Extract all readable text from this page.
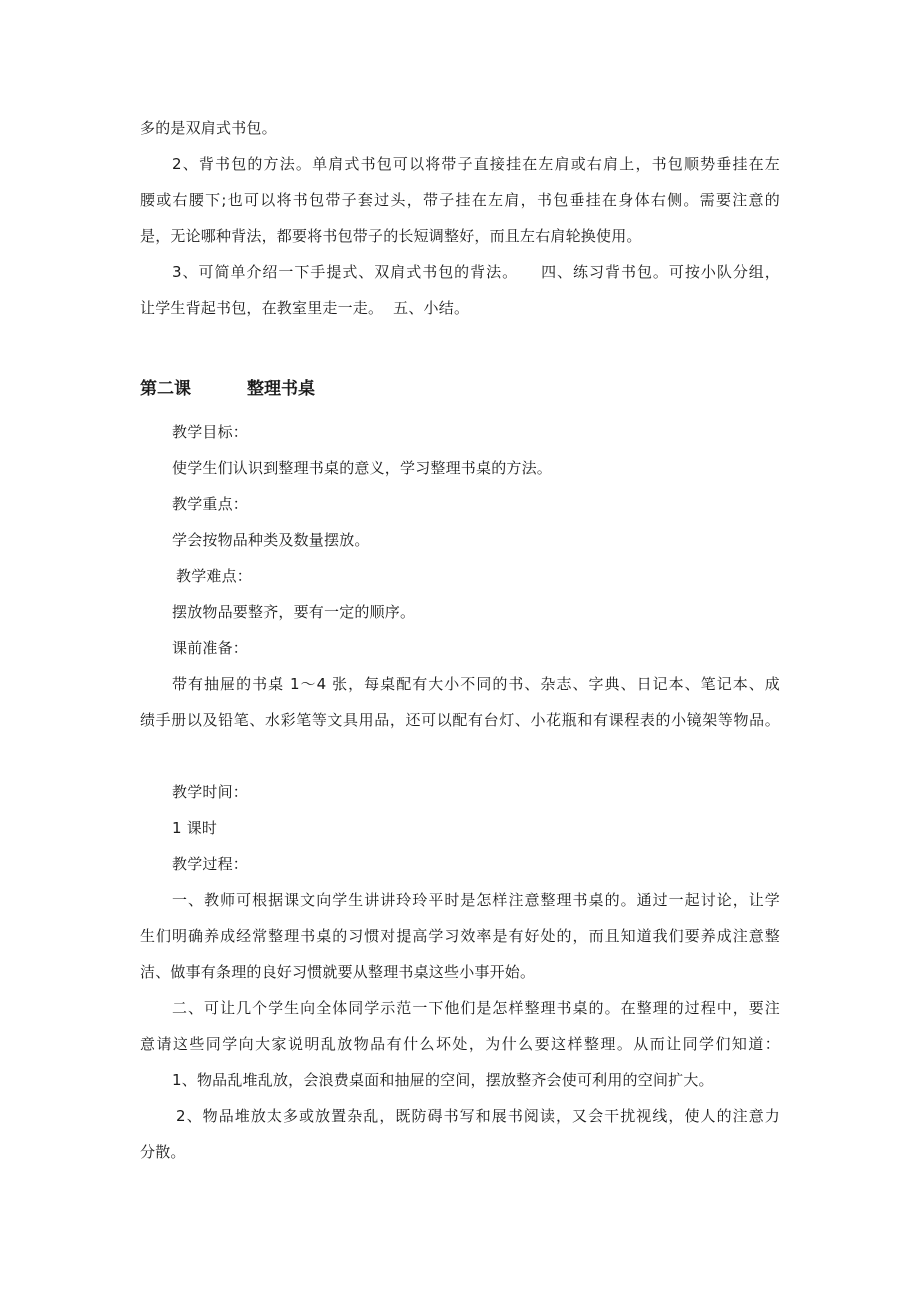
多的是双肩式书包。
2、背书包的方法。单肩式书包可以将带子直接挂在左肩或右肩上，书包顺势垂挂在左
腰或右腰下;也可以将书包带子套过头，带子挂在左肩，书包垂挂在身体右侧。需要注意的
是，无论哪种背法，都要将书包带子的长短调整好，而且左右肩轮换使用。
3、可简单介绍一下手提式、双肩式书包的背法。    四、练习背书包。可按小队分组，
让学生背起书包，在教室里走一走。  五、小结。
第二课	整理书桌
教学目标：
使学生们认识到整理书桌的意义，学习整理书桌的方法。
教学重点：
学会按物品种类及数量摆放。
教学难点：
摆放物品要整齐，要有一定的顺序。
课前准备：
带有抽屉的书桌 1～4 张，每桌配有大小不同的书、杂志、字典、日记本、笔记本、成
绩手册以及铅笔、水彩笔等文具用品，还可以配有台灯、小花瓶和有课程表的小镜架等物品。
教学时间：
1 课时
教学过程：
一、教师可根据课文向学生讲讲玲玲平时是怎样注意整理书桌的。通过一起讨论，让学
生们明确养成经常整理书桌的习惯对提高学习效率是有好处的，而且知道我们要养成注意整
洁、做事有条理的良好习惯就要从整理书桌这些小事开始。
二、可让几个学生向全体同学示范一下他们是怎样整理书桌的。在整理的过程中，要注
意请这些同学向大家说明乱放物品有什么坏处，为什么要这样整理。从而让同学们知道：
1、物品乱堆乱放，会浪费桌面和抽屉的空间，摆放整齐会使可利用的空间扩大。
2、物品堆放太多或放置杂乱，既防碍书写和展书阅读，又会干扰视线，使人的注意力
分散。
